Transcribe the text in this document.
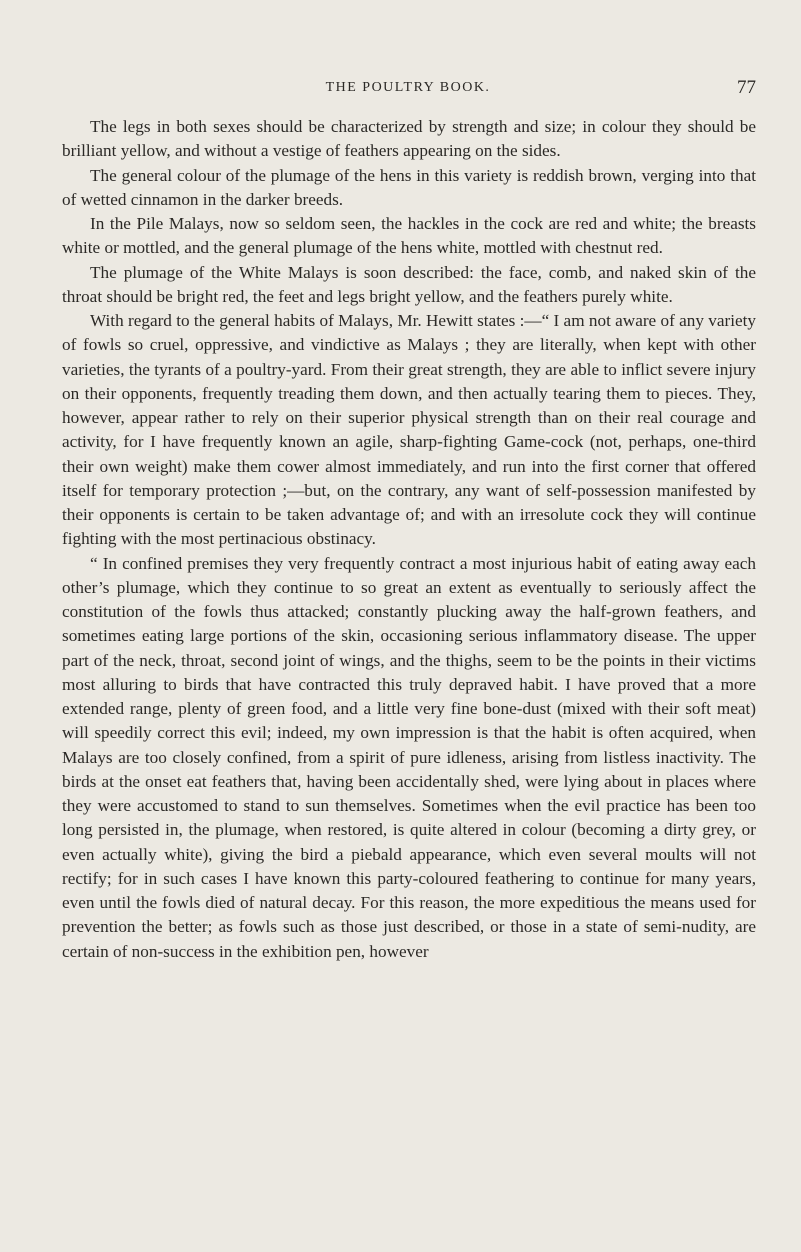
THE POULTRY BOOK.	77

The legs in both sexes should be characterized by strength and size; in colour they should be brilliant yellow, and without a vestige of feathers appearing on the sides.

The general colour of the plumage of the hens in this variety is reddish brown, verging into that of wetted cinnamon in the darker breeds.

In the Pile Malays, now so seldom seen, the hackles in the cock are red and white; the breasts white or mottled, and the general plumage of the hens white, mottled with chestnut red.

The plumage of the White Malays is soon described: the face, comb, and naked skin of the throat should be bright red, the feet and legs bright yellow, and the feathers purely white.

With regard to the general habits of Malays, Mr. Hewitt states :—“ I am not aware of any variety of fowls so cruel, oppressive, and vindictive as Malays ; they are literally, when kept with other varieties, the tyrants of a poultry-yard. From their great strength, they are able to inflict severe injury on their opponents, frequently treading them down, and then actually tearing them to pieces. They, however, appear rather to rely on their superior physical strength than on their real courage and activity, for I have frequently known an agile, sharp-fighting Game-cock (not, perhaps, one-third their own weight) make them cower almost immediately, and run into the first corner that offered itself for temporary protection ;—but, on the contrary, any want of self-possession manifested by their opponents is certain to be taken advantage of; and with an irresolute cock they will continue fighting with the most pertinacious obstinacy.

“ In confined premises they very frequently contract a most injurious habit of eating away each other’s plumage, which they continue to so great an extent as eventually to seriously affect the constitution of the fowls thus attacked; constantly plucking away the half-grown feathers, and sometimes eating large portions of the skin, occasioning serious inflammatory disease. The upper part of the neck, throat, second joint of wings, and the thighs, seem to be the points in their victims most alluring to birds that have contracted this truly depraved habit. I have proved that a more extended range, plenty of green food, and a little very fine bone-dust (mixed with their soft meat) will speedily correct this evil; indeed, my own impression is that the habit is often acquired, when Malays are too closely confined, from a spirit of pure idleness, arising from listless inactivity. The birds at the onset eat feathers that, having been accidentally shed, were lying about in places where they were accustomed to stand to sun themselves. Sometimes when the evil practice has been too long persisted in, the plumage, when restored, is quite altered in colour (becoming a dirty grey, or even actually white), giving the bird a piebald appearance, which even several moults will not rectify; for in such cases I have known this party-coloured feathering to continue for many years, even until the fowls died of natural decay. For this reason, the more expeditious the means used for prevention the better; as fowls such as those just described, or those in a state of semi-nudity, are certain of non-success in the exhibition pen, however
